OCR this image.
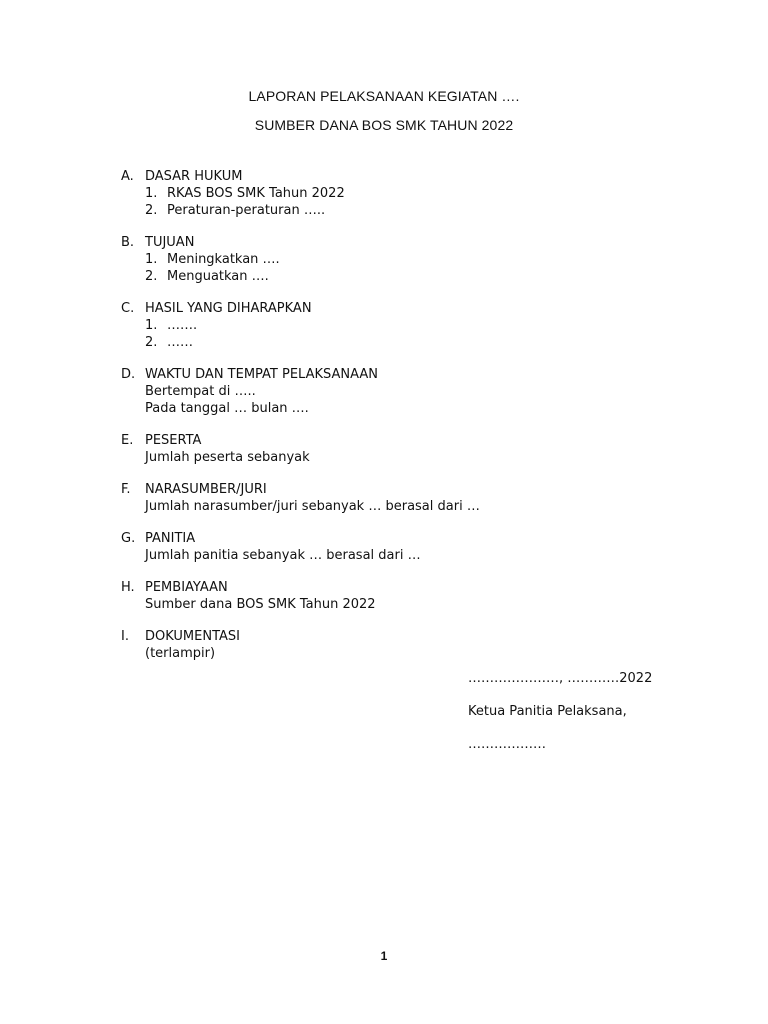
LAPORAN PELAKSANAAN KEGIATAN ….
SUMBER DANA BOS SMK TAHUN 2022
A. DASAR HUKUM
1. RKAS BOS SMK Tahun 2022
2. Peraturan-peraturan …..
B. TUJUAN
1. Meningkatkan ….
2. Menguatkan ….
C. HASIL YANG DIHARAPKAN
1. …….
2. ……
D. WAKTU DAN TEMPAT PELAKSANAAN
Bertempat di …..
Pada tanggal … bulan ….
E. PESERTA
Jumlah peserta sebanyak
F.	NARASUMBER/JURI
Jumlah narasumber/juri sebanyak … berasal dari …
G. PANITIA
Jumlah panitia sebanyak … berasal dari …
H. PEMBIAYAAN
Sumber dana BOS SMK Tahun 2022
I.	DOKUMENTASI
(terlampir)
…………………, …………2022
Ketua Panitia Pelaksana,
………………
1
